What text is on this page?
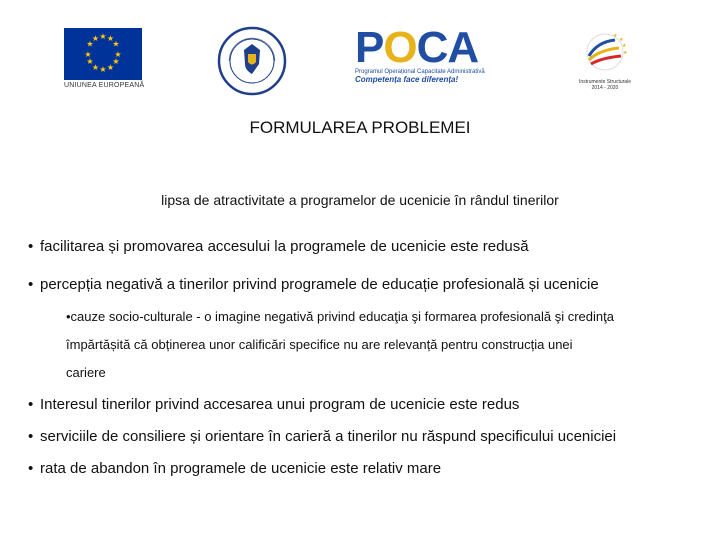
★ ★
★
★
★
★
★
★
★
★
★
★
UNIUNEA EUROPEANĂ
POCA
Programul Operațional Capacitate Administrativă
Competența face diferența!
★
★
★
★
Instrumente Structurale
2014 - 2020
FORMULAREA PROBLEMEI
lipsa de atractivitate a programelor de ucenicie în rândul tinerilor
• facilitarea și promovarea accesului la programele de ucenicie este redusă
• percepția negativă a tinerilor privind programele de educație profesională și ucenicie
•cauze socio-culturale - o imagine negativă privind educaţia şi formarea profesională şi credinţa
împărtășită că obținerea unor calificări specifice nu are relevanță pentru construcția unei
cariere
• Interesul tinerilor privind accesarea unui program de ucenicie este redus
• serviciile de consiliere și orientare în carieră a tinerilor nu răspund specificului uceniciei
• rata de abandon în programele de ucenicie este relativ mare
